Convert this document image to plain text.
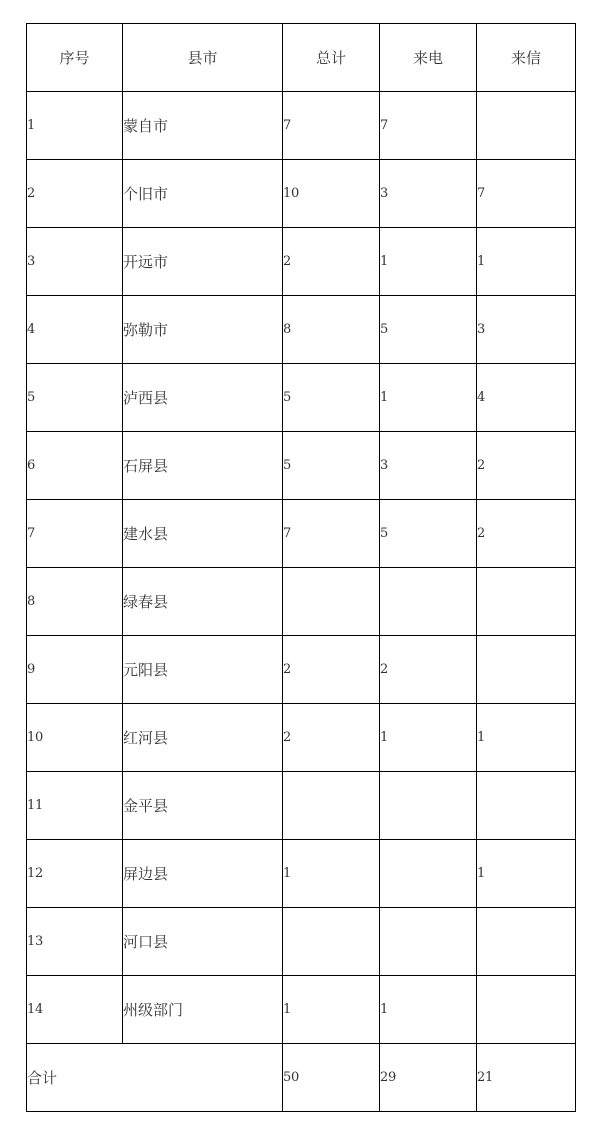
序号	县市	总计	来电	来信
1	蒙自市	7	7	
2	个旧市	10	3	7
3	开远市	2	1	1
4	弥勒市	8	5	3
5	泸西县	5	1	4
6	石屏县	5	3	2
7	建水县	7	5	2
8	绿春县			
9	元阳县	2	2	
10	红河县	2	1	1
11	金平县			
12	屏边县	1		1
13	河口县			
14	州级部门	1	1	
合计		50	29	21
